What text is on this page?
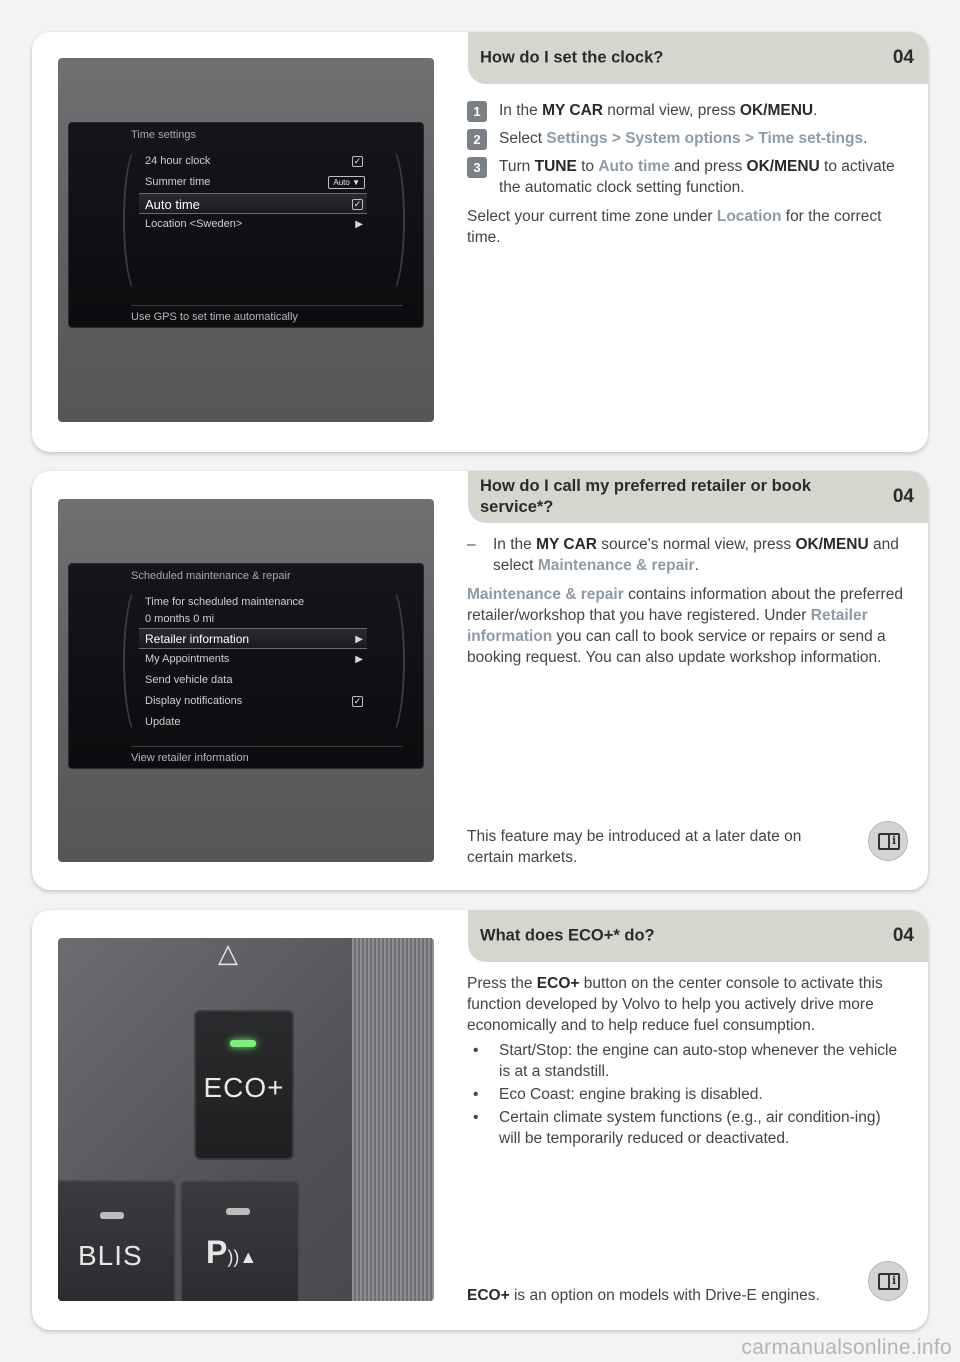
Time settings
24 hour clock	✓
Summer time	Auto ▼
Auto time	✓
Location <Sweden>	▶
Use GPS to set time automatically
How do I set the clock?	04
1	In the MY CAR normal view, press OK/MENU.
2	Select Settings > System options > Time set-tings.
3	Turn TUNE to Auto time and press OK/MENU to activate the automatic clock setting function.
Select your current time zone under Location for the correct time.
Scheduled maintenance & repair
Time for scheduled maintenance
0 months 0 mi
Retailer information	▶
My Appointments	▶
Send vehicle data
Display notifications	✓
Update
View retailer information
How do I call my preferred retailer or book service*?	04
– In the MY CAR source's normal view, press OK/MENU and select Maintenance & repair.
Maintenance & repair contains information about the preferred retailer/workshop that you have registered. Under Retailer information you can call to book service or repairs or send a booking request. You can also update workshop information.
This feature may be introduced at a later date on certain markets.
i
△
ECO+
BLIS P))▲
What does ECO+* do?	04
Press the ECO+ button on the center console to activate this function developed by Volvo to help you actively drive more economically and to help reduce fuel consumption.
• Start/Stop: the engine can auto-stop whenever the vehicle is at a standstill.
• Eco Coast: engine braking is disabled.
• Certain climate system functions (e.g., air condition-ing) will be temporarily reduced or deactivated.
ECO+ is an option on models with Drive-E engines.
i
carmanualsonline.info
